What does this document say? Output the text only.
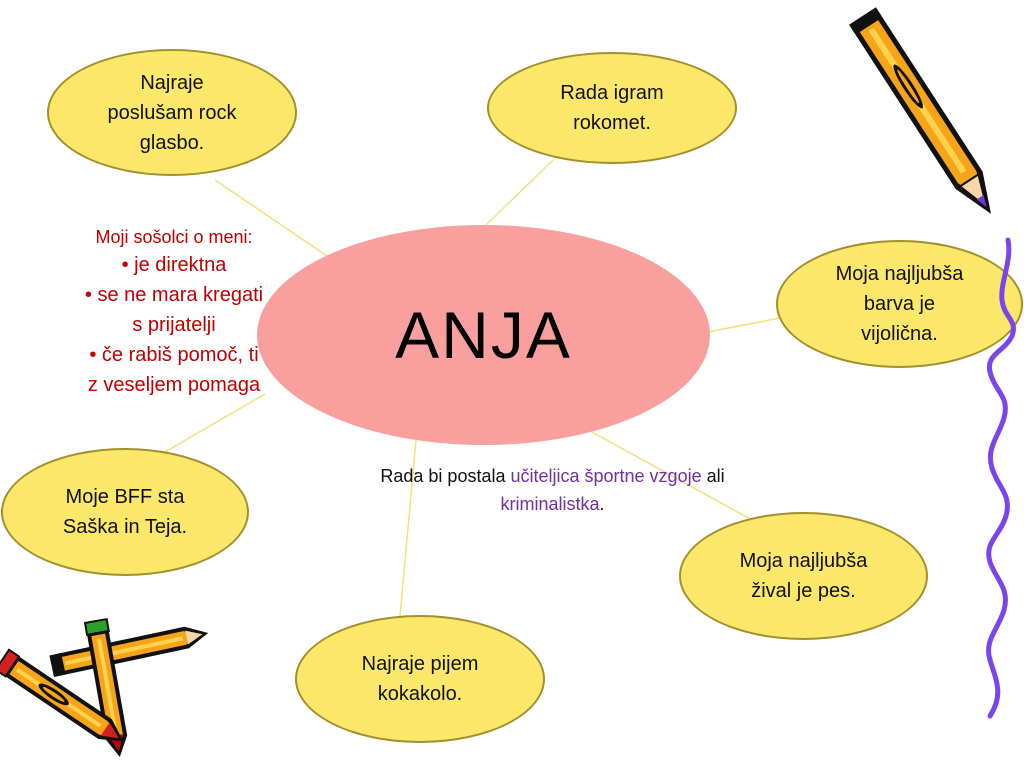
ANJA
Najraje
poslušam rock
glasbo.
Rada igram
rokomet.
Moja najljubša
barva je
vijolična.
Moje BFF sta
Saška in Teja.
Moja najljubša
žival je pes.
Najraje pijem
kokakolo.
Moji sošolci o meni:
• je direktna
• se ne mara kregati
s prijatelji
• če rabiš pomoč, ti
z veseljem pomaga
Rada bi postala učiteljica športne vzgoje ali
kriminalistka.
